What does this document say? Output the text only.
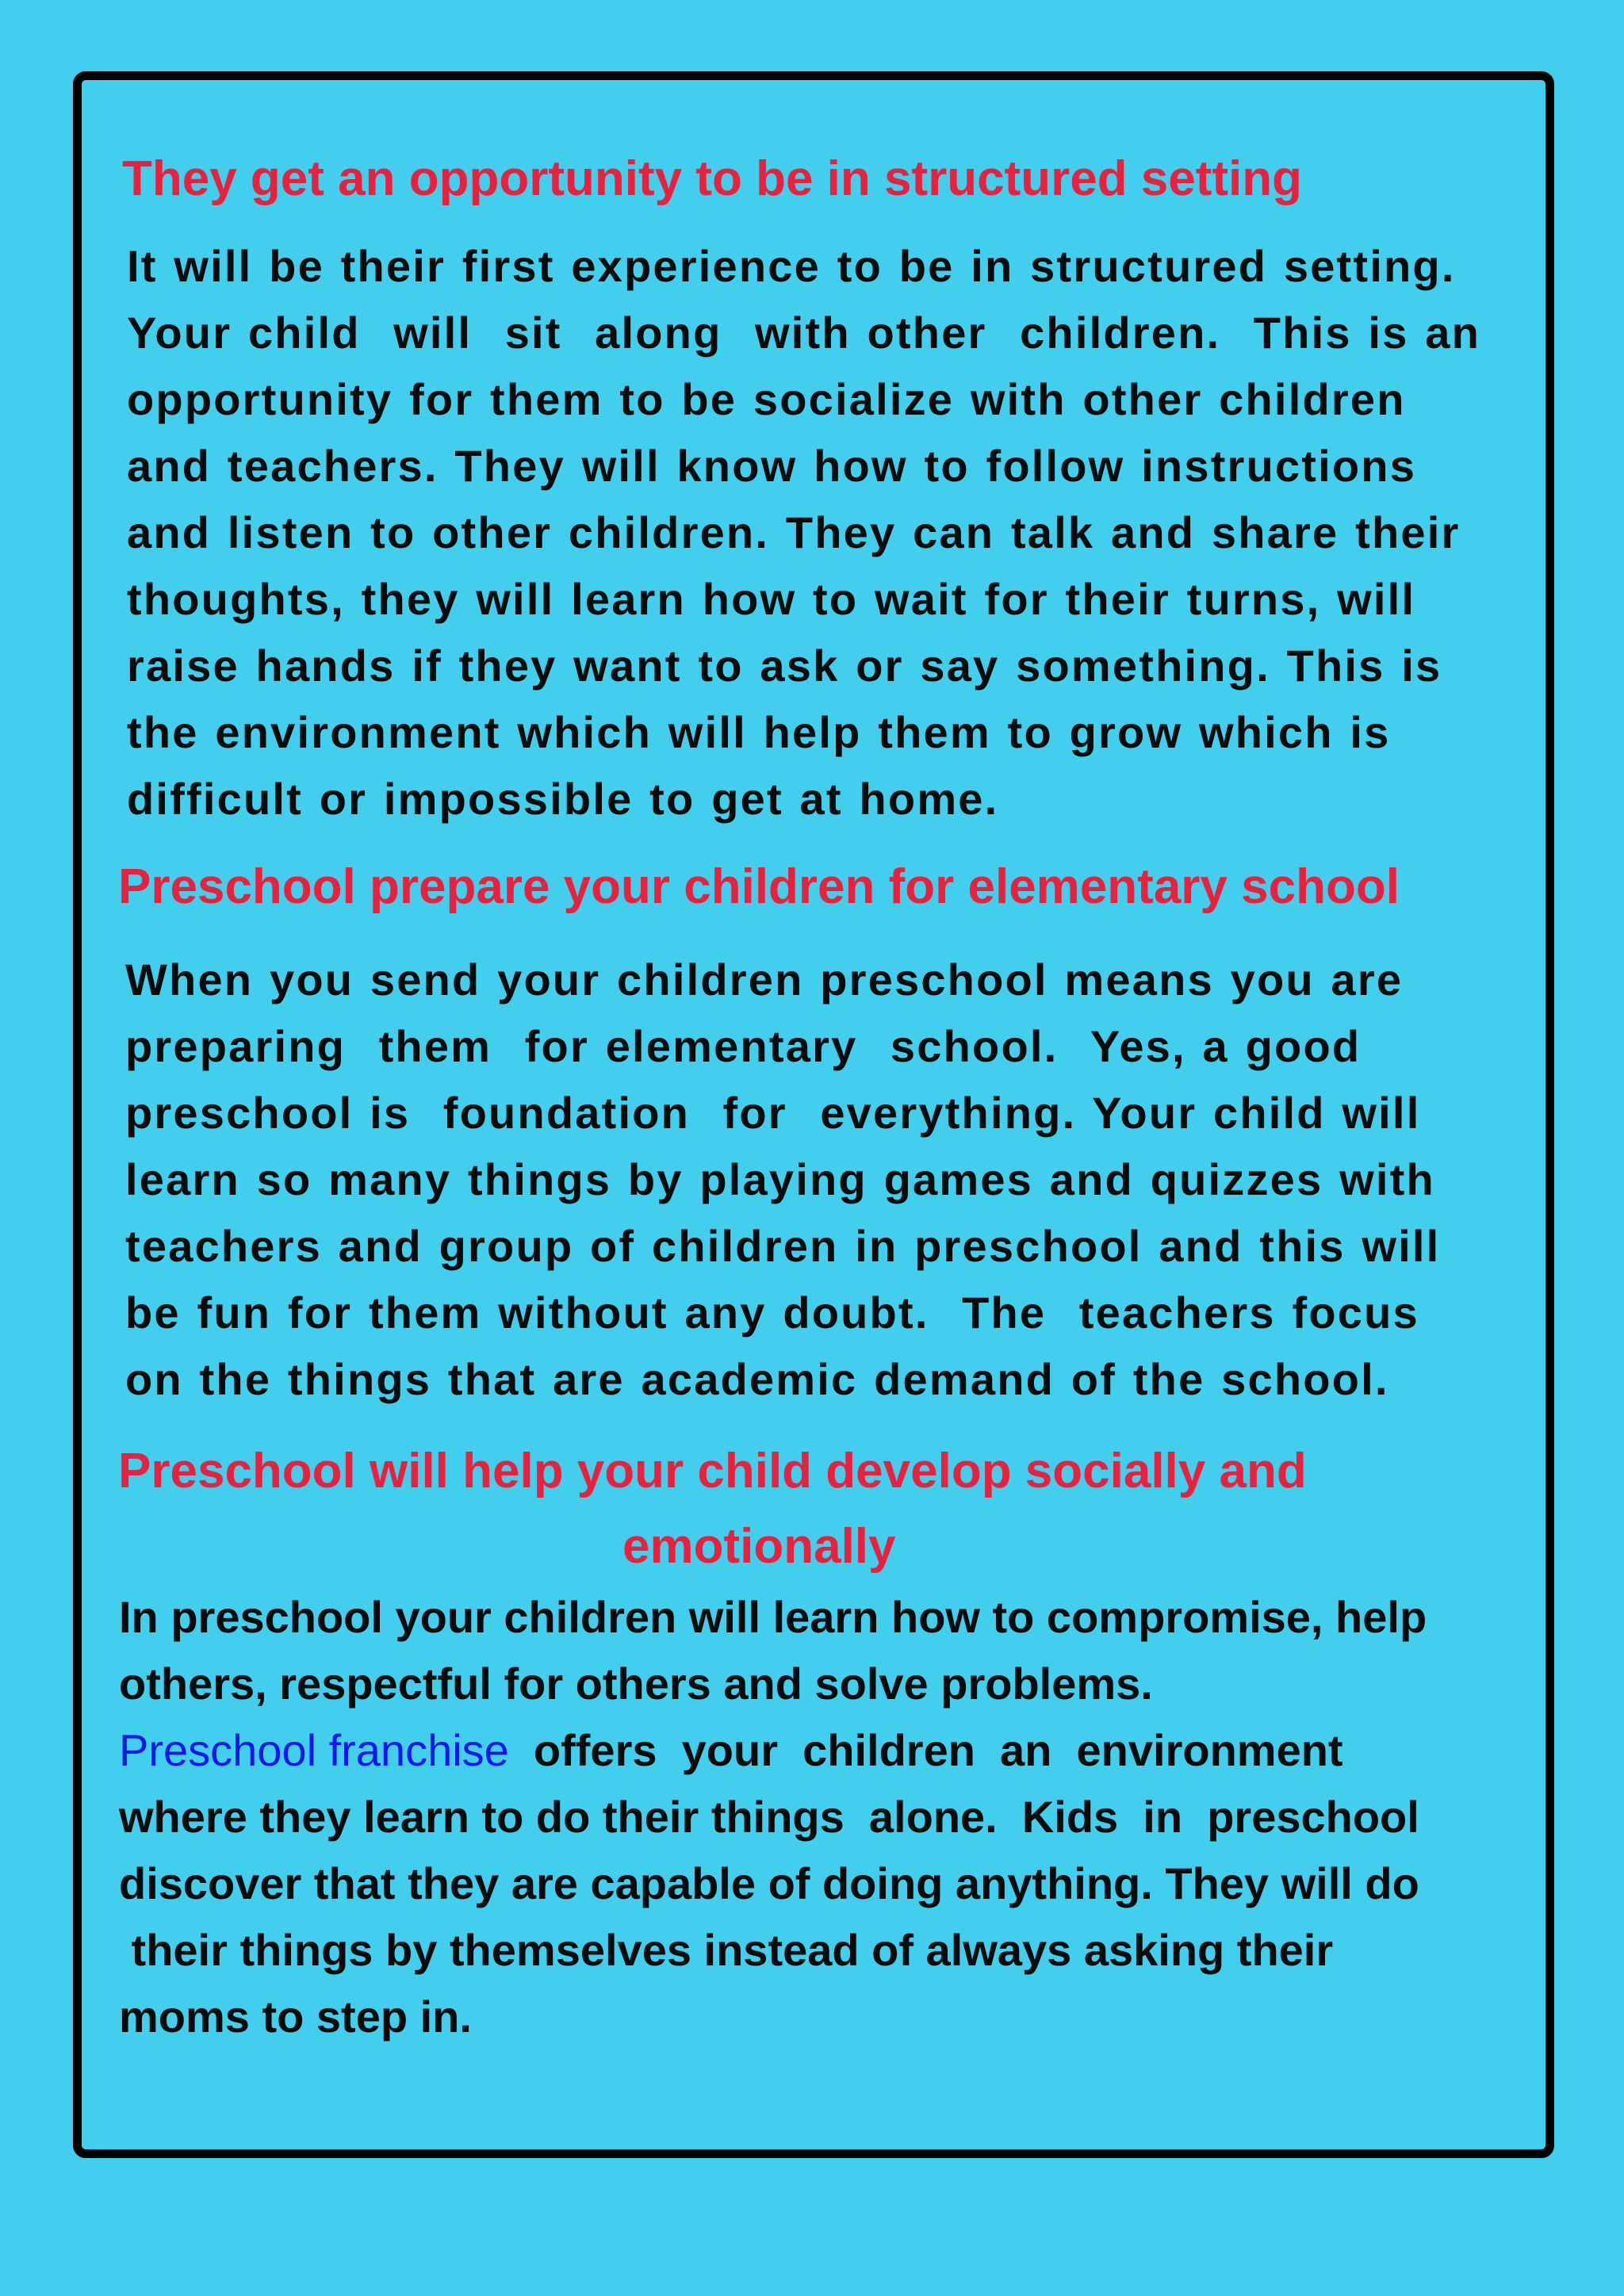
They get an opportunity to be in structured setting
It will be their first experience to be in structured setting.
Your child  will  sit  along  with other  children.  This is an
opportunity for them to be socialize with other children
and teachers. They will know how to follow instructions
and listen to other children. They can talk and share their
thoughts, they will learn how to wait for their turns, will
raise hands if they want to ask or say something. This is
the environment which will help them to grow which is
difficult or impossible to get at home.
Preschool prepare your children for elementary school
When you send your children preschool means you are
preparing  them  for elementary  school.  Yes, a good
preschool is  foundation  for  everything. Your child will
learn so many things by playing games and quizzes with
teachers and group of children in preschool and this will
be fun for them without any doubt.  The  teachers focus
on the things that are academic demand of the school.
Preschool will help your child develop socially and
emotionally
In preschool your children will learn how to compromise, help
others, respectful for others and solve problems.
Preschool franchise  offers  your  children  an  environment
where they learn to do their things  alone.  Kids  in  preschool
discover that they are capable of doing anything. They will do
their things by themselves instead of always asking their
moms to step in.
